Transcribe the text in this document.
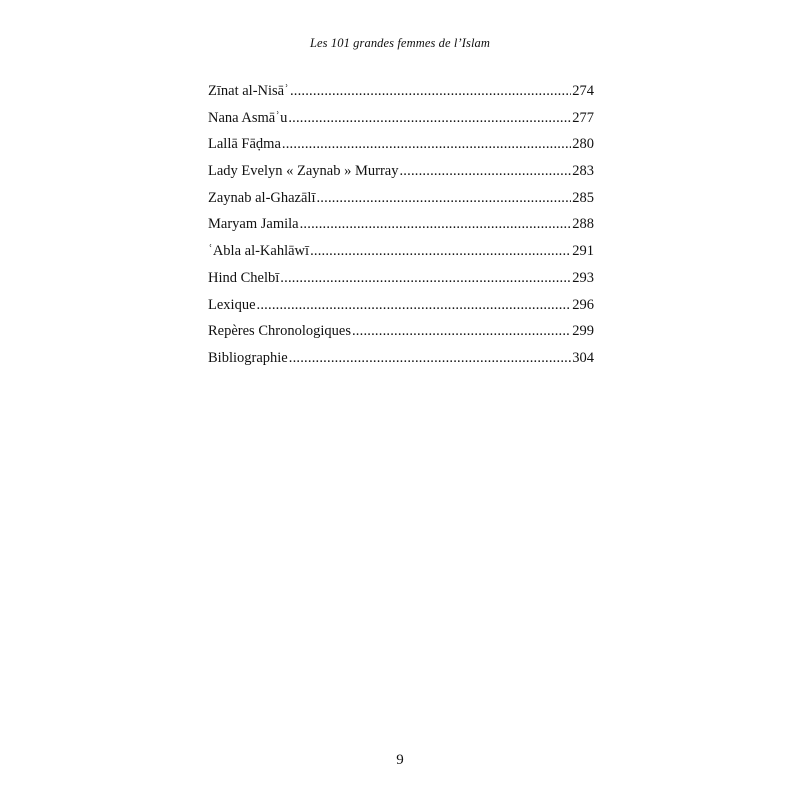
Les 101 grandes femmes de l’Islam
Zīnat al-Nisāʾ .....	274
Nana Asmāʾu .....	277
Lallā Fāḍma .....	280
Lady Evelyn « Zaynab » Murray .....	283
Zaynab al-Ghazālī .....	285
Maryam Jamila .....	288
ʿAbla al-Kahlāwī .....	291
Hind Chelbī .....	293
Lexique .....	296
Repères Chronologiques .....	299
Bibliographie .....	304
9
